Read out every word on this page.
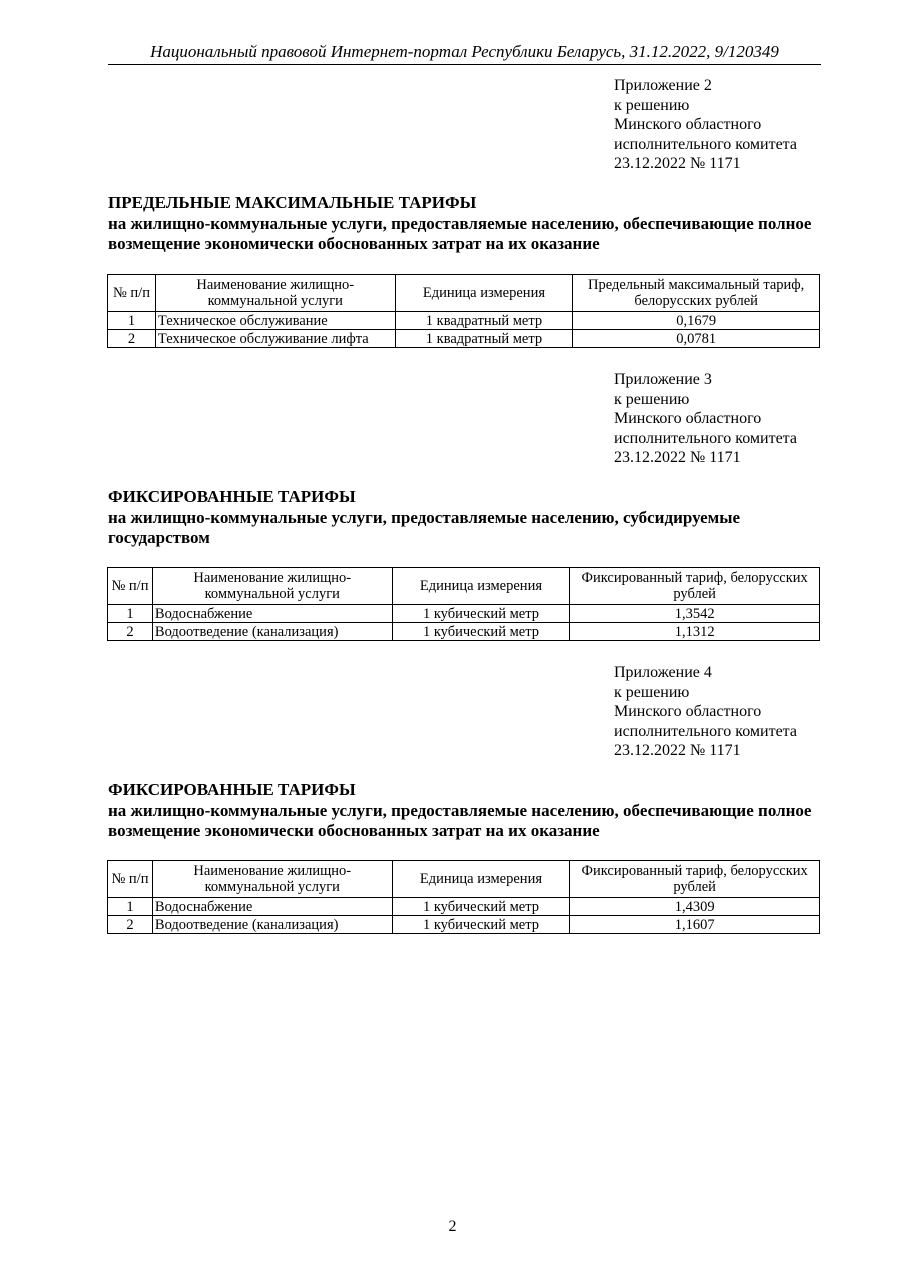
Национальный правовой Интернет-портал Республики Беларусь, 31.12.2022, 9/120349
Приложение 2
к решению
Минского областного
исполнительного комитета
23.12.2022 № 1171
ПРЕДЕЛЬНЫЕ МАКСИМАЛЬНЫЕ ТАРИФЫ
на жилищно-коммунальные услуги, предоставляемые населению, обеспечивающие полное возмещение экономически обоснованных затрат на их оказание
№ п/п	Наименование жилищно-коммунальной услуги	Единица измерения	Предельный максимальный тариф, белорусских рублей
1	Техническое обслуживание	1 квадратный метр	0,1679
2	Техническое обслуживание лифта	1 квадратный метр	0,0781
Приложение 3
к решению
Минского областного
исполнительного комитета
23.12.2022 № 1171
ФИКСИРОВАННЫЕ ТАРИФЫ
на жилищно-коммунальные услуги, предоставляемые населению, субсидируемые государством
№ п/п	Наименование жилищно-коммунальной услуги	Единица измерения	Фиксированный тариф, белорусских рублей
1	Водоснабжение	1 кубический метр	1,3542
2	Водоотведение (канализация)	1 кубический метр	1,1312
Приложение 4
к решению
Минского областного
исполнительного комитета
23.12.2022 № 1171
ФИКСИРОВАННЫЕ ТАРИФЫ
на жилищно-коммунальные услуги, предоставляемые населению, обеспечивающие полное возмещение экономически обоснованных затрат на их оказание
№ п/п	Наименование жилищно-коммунальной услуги	Единица измерения	Фиксированный тариф, белорусских рублей
1	Водоснабжение	1 кубический метр	1,4309
2	Водоотведение (канализация)	1 кубический метр	1,1607
2
